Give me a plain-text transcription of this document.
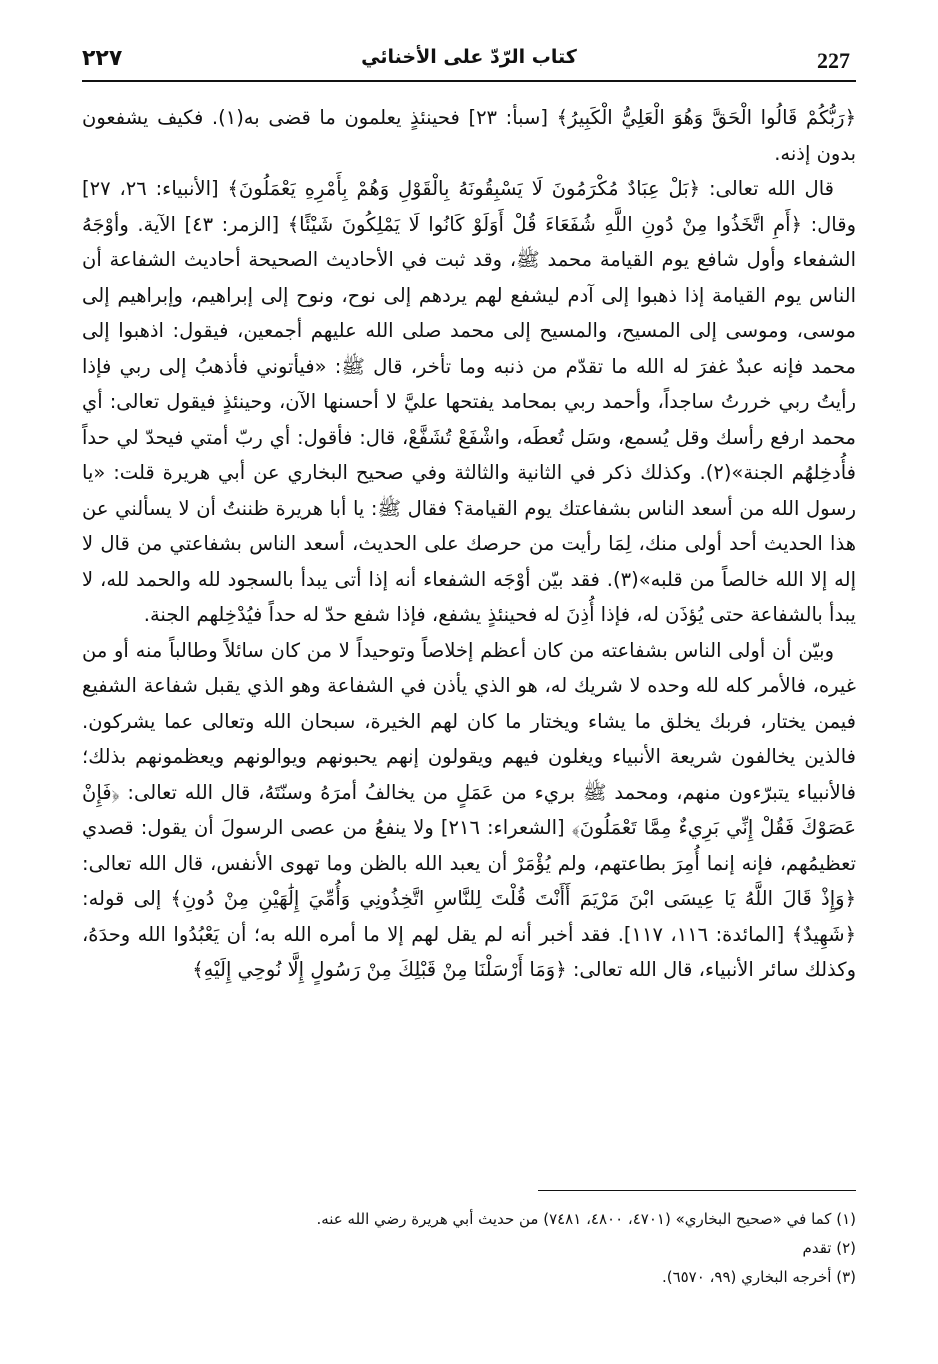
٢٢٧	كتاب الرّدّ على الأخنائي	227

﴿رَبُّكُمْ قَالُوا الْحَقَّ وَهُوَ الْعَلِيُّ الْكَبِيرُ﴾ [سبأ: ٢٣] فحينئذٍ يعلمون ما قضى به(١). فكيف يشفعون بدون إذنه.

قال الله تعالى: ﴿بَلْ عِبَادٌ مُكْرَمُونَ لَا يَسْبِقُونَهُ بِالْقَوْلِ وَهُمْ بِأَمْرِهِ يَعْمَلُونَ﴾ [الأنبياء: ٢٦، ٢٧] وقال: ﴿أَمِ اتَّخَذُوا مِنْ دُونِ اللَّهِ شُفَعَاءَ قُلْ أَوَلَوْ كَانُوا لَا يَمْلِكُونَ شَيْئًا﴾ [الزمر: ٤٣] الآية. وأوْجَهُ الشفعاء وأول شافع يوم القيامة محمد ﷺ، وقد ثبت في الأحاديث الصحيحة أحاديث الشفاعة أن الناس يوم القيامة إذا ذهبوا إلى آدم ليشفع لهم يردهم إلى نوح، ونوح إلى إبراهيم، وإبراهيم إلى موسى، وموسى إلى المسيح، والمسيح إلى محمد صلى الله عليهم أجمعين، فيقول: اذهبوا إلى محمد فإنه عبدٌ غفرَ له الله ما تقدّم من ذنبه وما تأخر، قال ﷺ: «فيأتوني فأذهبُ إلى ربي فإذا رأيتُ ربي خررتُ ساجداً، وأحمد ربي بمحامد يفتحها عليَّ لا أحسنها الآن، وحينئذٍ فيقول تعالى: أي محمد ارفع رأسك وقل يُسمع، وسَل تُعطَه، واشْفَعْ تُشَفَّعْ، قال: فأقول: أي ربّ أمتي فيحدّ لي حداً فأُدخِلهُم الجنة»(٢). وكذلك ذكر في الثانية والثالثة وفي صحيح البخاري عن أبي هريرة قلت: «يا رسول الله من أسعد الناس بشفاعتك يوم القيامة؟ فقال ﷺ: يا أبا هريرة ظننتُ أن لا يسألني عن هذا الحديث أحد أولى منك، لِمَا رأيت من حرصك على الحديث، أسعد الناس بشفاعتي من قال لا إله إلا الله خالصاً من قلبه»(٣). فقد بيّن أوْجَه الشفعاء أنه إذا أتى يبدأ بالسجود لله والحمد لله، لا يبدأ بالشفاعة حتى يُؤذَن له، فإذا أُذِنَ له فحينئذٍ يشفع، فإذا شفع حدّ له حداً فيُدْخِلهم الجنة.

وبيّن أن أولى الناس بشفاعته من كان أعظم إخلاصاً وتوحيداً لا من كان سائلاً وطالباً منه أو من غيره، فالأمر كله لله وحده لا شريك له، هو الذي يأذن في الشفاعة وهو الذي يقبل شفاعة الشفيع فيمن يختار، فربك يخلق ما يشاء ويختار ما كان لهم الخيرة، سبحان الله وتعالى عما يشركون. فالذين يخالفون شريعة الأنبياء ويغلون فيهم ويقولون إنهم يحبونهم ويوالونهم ويعظمونهم بذلك؛ فالأنبياء يتبرّءون منهم، ومحمد ﷺ بريء من عَمَلٍ من يخالفُ أمرَهُ وسنّتَهُ، قال الله تعالى: ﴿فَإِنْ عَصَوْكَ فَقُلْ إِنِّي بَرِيءٌ مِمَّا تَعْمَلُونَ﴾ [الشعراء: ٢١٦] ولا ينفعُ من عصى الرسولَ أن يقول: قصدي تعظيمُهم، فإنه إنما أُمِرَ بطاعتهم، ولم يُؤْمَرْ أن يعبد الله بالظن وما تهوى الأنفس، قال الله تعالى: ﴿وَإِذْ قَالَ اللَّهُ يَا عِيسَى ابْنَ مَرْيَمَ أَأَنْتَ قُلْتَ لِلنَّاسِ اتَّخِذُونِي وَأُمِّيَ إِلَٰهَيْنِ مِنْ دُونِ﴾ إلى قوله: ﴿شَهِيدٌ﴾ [المائدة: ١١٦، ١١٧]. فقد أخبر أنه لم يقل لهم إلا ما أمره الله به؛ أن يَعْبُدُوا الله وحدَهُ، وكذلك سائر الأنبياء، قال الله تعالى: ﴿وَمَا أَرْسَلْنَا مِنْ قَبْلِكَ مِنْ رَسُولٍ إِلَّا نُوحِي إِلَيْهِ﴾

(١) كما في «صحيح البخاري» (٤٧٠١، ٤٨٠٠، ٧٤٨١) من حديث أبي هريرة رضي الله عنه.
(٢) تقدم
(٣) أخرجه البخاري (٩٩، ٦٥٧٠).
